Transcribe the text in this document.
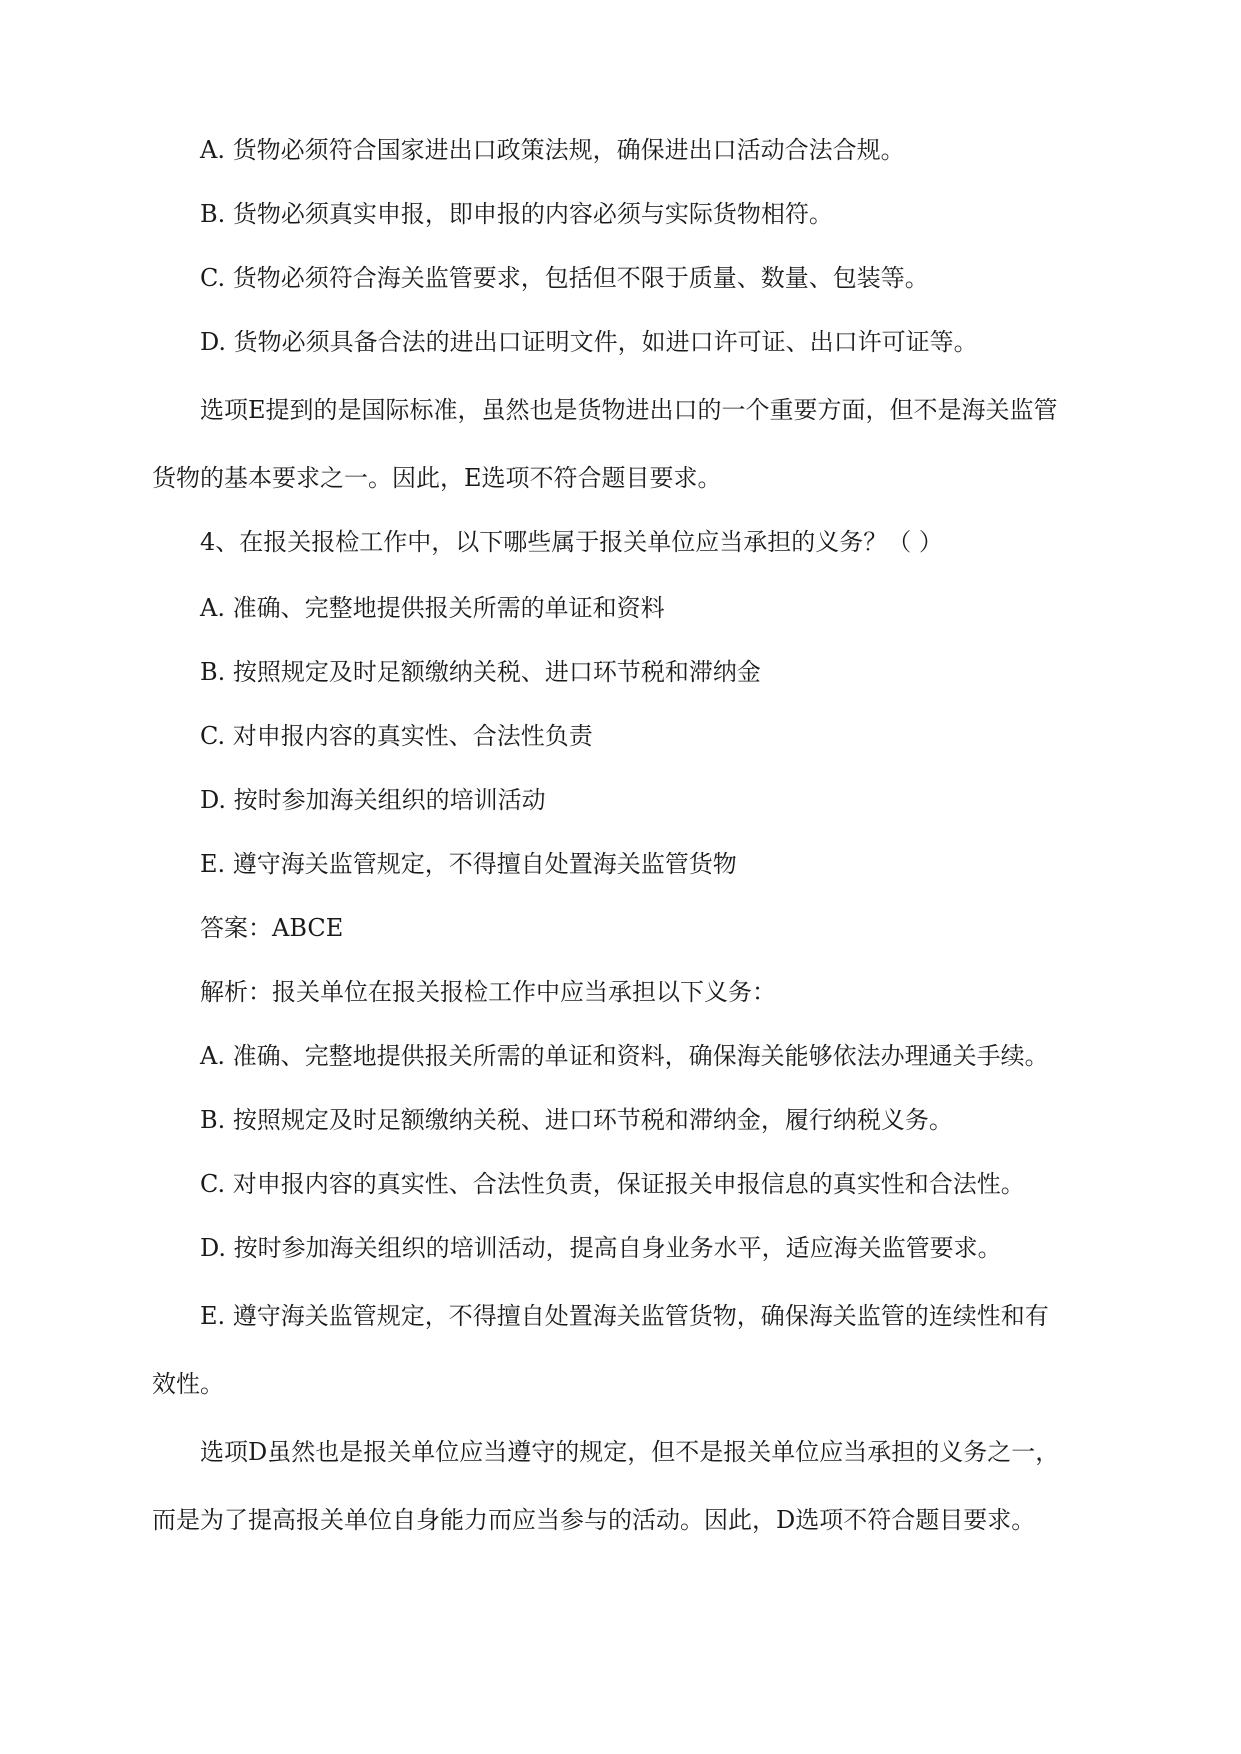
A. 货物必须符合国家进出口政策法规，确保进出口活动合法合规。

B. 货物必须真实申报，即申报的内容必须与实际货物相符。

C. 货物必须符合海关监管要求，包括但不限于质量、数量、包装等。

D. 货物必须具备合法的进出口证明文件，如进口许可证、出口许可证等。

选项E提到的是国际标准，虽然也是货物进出口的一个重要方面，但不是海关监管

货物的基本要求之一。因此，E选项不符合题目要求。

4、在报关报检工作中，以下哪些属于报关单位应当承担的义务？（ ）

A. 准确、完整地提供报关所需的单证和资料

B. 按照规定及时足额缴纳关税、进口环节税和滞纳金

C. 对申报内容的真实性、合法性负责

D. 按时参加海关组织的培训活动

E. 遵守海关监管规定，不得擅自处置海关监管货物

答案：ABCE

解析：报关单位在报关报检工作中应当承担以下义务：

A. 准确、完整地提供报关所需的单证和资料，确保海关能够依法办理通关手续。

B. 按照规定及时足额缴纳关税、进口环节税和滞纳金，履行纳税义务。

C. 对申报内容的真实性、合法性负责，保证报关申报信息的真实性和合法性。

D. 按时参加海关组织的培训活动，提高自身业务水平，适应海关监管要求。

E. 遵守海关监管规定，不得擅自处置海关监管货物，确保海关监管的连续性和有

效性。

选项D虽然也是报关单位应当遵守的规定，但不是报关单位应当承担的义务之一，

而是为了提高报关单位自身能力而应当参与的活动。因此，D选项不符合题目要求。
